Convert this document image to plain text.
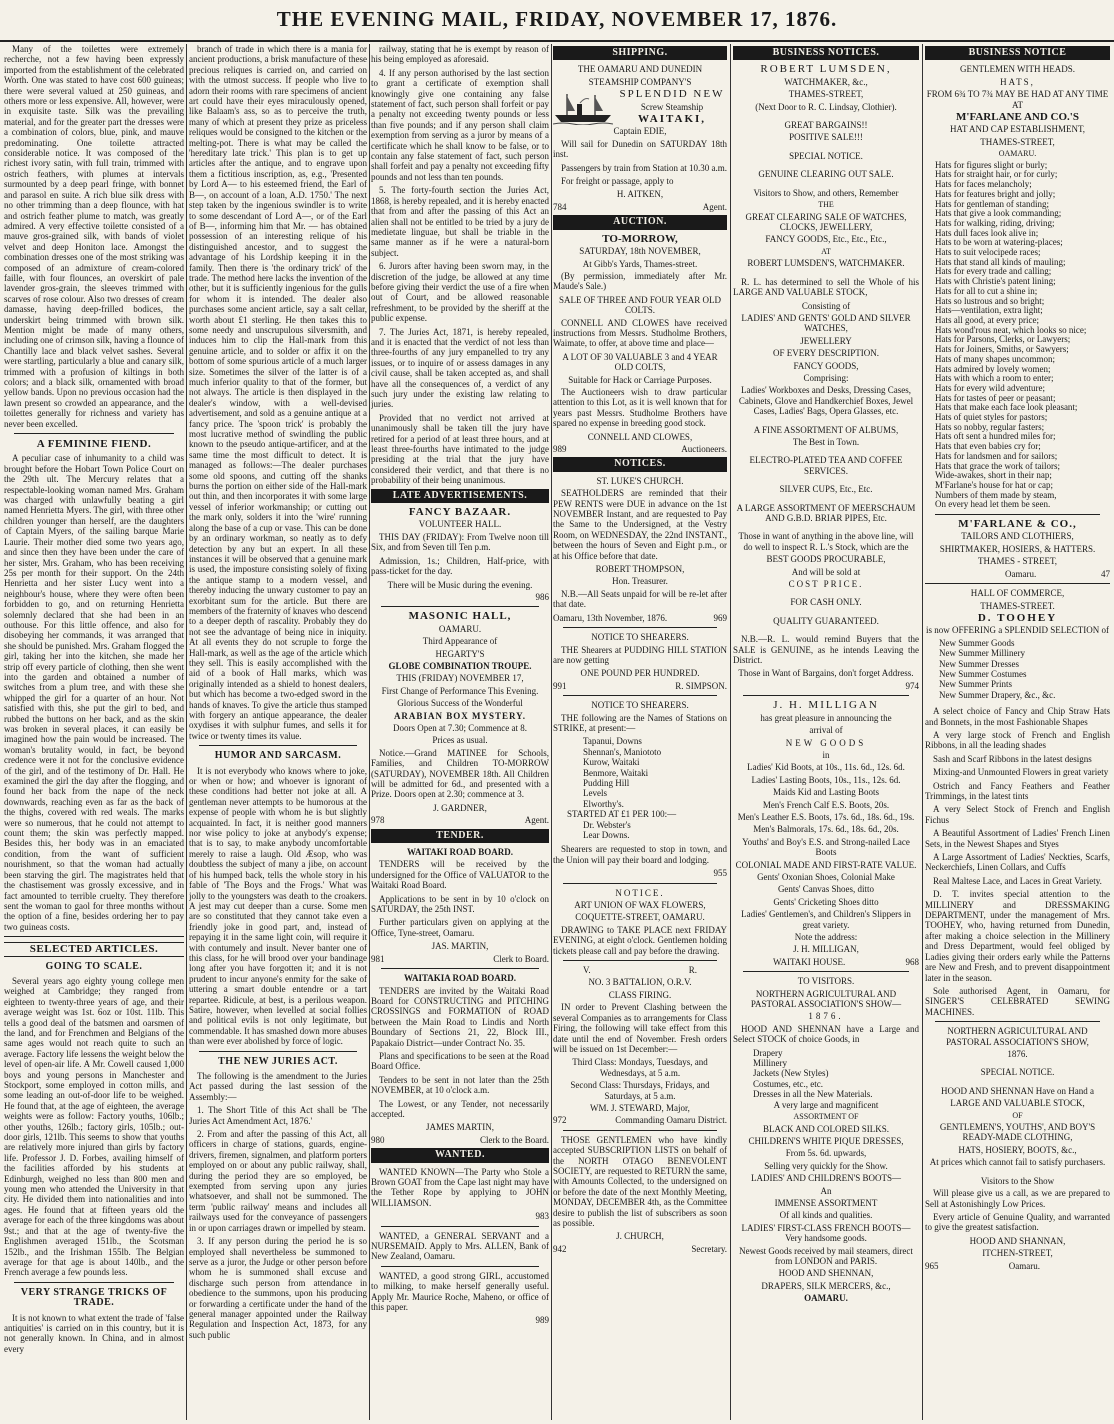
THE EVENING MAIL, FRIDAY, NOVEMBER 17, 1876.

Many of the toilettes were extremely recherche, not a few having been expressly imported from the establishment of the celebrated Worth. One was stated to have cost 600 guineas; there were several valued at 250 guineas, and others more or less expensive. All, however, were in exquisite taste. Silk was the prevailing material, and for the greater part the dresses were a combination of colors, blue, pink, and mauve predominating. One toilette attracted considerable notice. It was composed of the richest ivory satin, with full train, trimmed with ostrich feathers, with plumes at intervals surmounted by a deep pearl fringe, with bonnet and parasol en suite. A rich blue silk dress with no other trimming than a deep flounce, with hat and ostrich feather plume to match, was greatly admired. A very effective toilette consisted of a mauve gros-grained silk, with bands of violet velvet and deep Honiton lace. Amongst the combination dresses one of the most striking was composed of an admixture of cream-colored faille, with four flounces, an overskirt of pale lavender gros-grain, the sleeves trimmed with scarves of rose colour. Also two dresses of cream damasse, having deep-frilled bodices, the underskirt being trimmed with brown silk. Mention might be made of many others, including one of crimson silk, having a flounce of Chantilly lace and black velvet sashes. Several were startling, particularly a blue and canary silk, trimmed with a profusion of kiltings in both colors; and a black silk, ornamented with broad yellow bands. Upon no previous occasion had the lawn present so crowded an appearance, and the toilettes generally for richness and variety has never been excelled.

A FEMININE FIEND.

A peculiar case of inhumanity to a child was brought before the Hobart Town Police Court on the 29th ult. The Mercury relates that a respectable-looking woman named Mrs. Graham was charged with unlawfully beating a girl named Henrietta Myers. The girl, with three other children younger than herself, are the daughters of Captain Myers, of the sailing barque Marie Laurie. Their mother died some two years ago, and since then they have been under the care of her sister, Mrs. Graham, who has been receiving 25s per month for their support. On the 24th Henrietta and her sister Lucy went into a neighbour's house, where they were often been forbidden to go, and on returning Henrietta solemnly declared that she had been in an outhouse. For this little offence, and also for disobeying her commands, it was arranged that she should be punished. Mrs. Graham flogged the girl, taking her into the kitchen, she made her strip off every particle of clothing, then she went into the garden and obtained a number of switches from a plum tree, and with these she whipped the girl for a quarter of an hour. Not satisfied with this, she put the girl to bed, and rubbed the buttons on her back, and as the skin was broken in several places, it can easily be imagined how the pain would be increased. The woman's brutality would, in fact, be beyond credence were it not for the conclusive evidence of the girl, and of the testimony of Dr. Hall. He examined the girl the day after the flogging, and found her back from the nape of the neck downwards, reaching even as far as the back of the thighs, covered with red weals. The marks were so numerous, that he could not attempt to count them; the skin was perfectly mapped. Besides this, her body was in an emaciated condition, from the want of sufficient nourishment, so that the woman had actually been starving the girl. The magistrates held that the chastisement was grossly excessive, and in fact amounted to terrible cruelty. They therefore sent the woman to gaol for three months without the option of a fine, besides ordering her to pay two guineas costs.

SELECTED ARTICLES.
GOING TO SCALE.

Several years ago eighty young college men weighed at Cambridge; they ranged from eighteen to twenty-three years of age, and their average weight was 1st. 6oz or 10st. 11lb. This tells a good deal of the batsmen and oarsmen of the land, and for Frenchmen and Belgians of the same ages would not reach quite to such an average. Factory life lessens the weight below the level of open-air life. A Mr. Cowell caused 1,000 boys and young persons in Manchester and Stockport, some employed in cotton mills, and some leading an out-of-door life to be weighed. He found that, at the age of eighteen, the average weights were as follow: Factory youths, 106lb.; other youths, 126lb.; factory girls, 105lb.; out-door girls, 121lb. This seems to show that youths are relatively more injured than girls by factory life. Professor J. D. Forbes, availing himself of the facilities afforded by his students at Edinburgh, weighed no less than 800 men and young men who attended the University in that city. He divided them into nationalities and into ages. He found that at fifteen years old the average for each of the three kingdoms was about 9st.; and that at the age of twenty-five the Englishmen averaged 151lb., the Scotsman 152lb., and the Irishman 155lb. The Belgian average for that age is about 140lb., and the French average a few pounds less.

VERY STRANGE TRICKS OF TRADE.

It is not known to what extent the trade of 'false antiquities' is carried on in this country, but it is not generally known. In China, and in almost every

branch of trade in which there is a mania for ancient productions, a brisk manufacture of these precious reliques is carried on, and carried on with the utmost success. If people who live to adorn their rooms with rare specimens of ancient art could have their eyes miraculously opened, like Balaam's ass, so as to perceive the truth, many of which at present they prize as priceless reliques would be consigned to the kitchen or the melting-pot. There is what may be called the 'hereditary late trick.' This plan is to get up articles after the antique, and to engrave upon them a fictitious inscription, as, e.g., 'Presented by Lord A— to his esteemed friend, the Earl of B—, on account of a loan, A.D. 1750.' The next step taken by the ingenious swindler is to write to some descendant of Lord A—, or of the Earl of B—, informing him that Mr. — has obtained possession of an interesting relique of his distinguished ancestor, and to suggest the advantage of his Lordship keeping it in the family. Then there is 'the ordinary trick' of the trade. The method here lacks the invention of the other, but it is sufficiently ingenious for the gulls for whom it is intended. The dealer also purchases some ancient article, say a salt cellar, worth about £1 sterling. He then takes this to some needy and unscrupulous silversmith, and induces him to clip the Hall-mark from this genuine article, and to solder or affix it on the bottom of some spurious article of a much larger size. Sometimes the silver of the latter is of a much inferior quality to that of the former, but not always. The article is then displayed in the dealer's window, with a well-devised advertisement, and sold as a genuine antique at a fancy price. The 'spoon trick' is probably the most lucrative method of swindling the public known to the pseudo antique-artificer, and at the same time the most difficult to detect. It is managed as follows:—The dealer purchases some old spoons, and cutting off the shanks burns the portion on either side of the Hall-mark out thin, and then incorporates it with some large vessel of inferior workmanship; or cutting out the mark only, solders it into the 'wire' running along the base of a cup or vase. This can be done by an ordinary workman, so neatly as to defy detection by any but an expert. In all these instances it will be observed that a genuine mark is used, the imposture consisting solely of fixing the antique stamp to a modern vessel, and thereby inducing the unwary customer to pay an exorbitant sum for the article. But there are members of the fraternity of knaves who descend to a deeper depth of rascality. Probably they do not see the advantage of being nice in iniquity. At all events they do not scruple to forge the Hall-mark, as well as the age of the article which they sell. This is easily accomplished with the aid of a book of Hall marks, which was originally intended as a shield to honest dealers, but which has become a two-edged sword in the hands of knaves. To give the article thus stamped with forgery an antique appearance, the dealer oxydises it with sulphur fumes, and sells it for twice or twenty times its value.

HUMOR AND SARCASM.

It is not everybody who knows where to joke, or when or how; and whoever is ignorant of these conditions had better not joke at all. A gentleman never attempts to be humorous at the expense of people with whom he is but slightly acquainted. In fact, it is neither good manners nor wise policy to joke at anybody's expense; that is to say, to make anybody uncomfortable merely to raise a laugh. Old Æsop, who was doubtless the subject of many a jibe, on account of his humped back, tells the whole story in his fable of 'The Boys and the Frogs.' What was jolly to the youngsters was death to the croakers. A jest may cut deeper than a curse. Some men are so constituted that they cannot take even a friendly joke in good part, and, instead of repaying it in the same light coin, will require it with contumely and insult. Never banter one of this class, for he will brood over your bandinage long after you have forgotten it; and it is not prudent to incur anyone's enmity for the sake of uttering a smart double entendre or a tart repartee. Ridicule, at best, is a perilous weapon. Satire, however, when levelled at social follies and political evils is not only legitimate, but commendable. It has smashed down more abuses than were ever abolished by force of logic.

THE NEW JURIES ACT.

The following is the amendment to the Juries Act passed during the last session of the Assembly:—

1. The Short Title of this Act shall be 'The Juries Act Amendment Act, 1876.'

2. From and after the passing of this Act, all officers in charge of stations, guards, engine-drivers, firemen, signalmen, and platform porters employed on or about any public railway, shall, during the period they are so employed, be exempted from serving upon any juries whatsoever, and shall not be summoned. The term 'public railway' means and includes all railways used for the conveyance of passengers in or upon carriages drawn or impelled by steam.

3. If any person during the period he is so employed shall nevertheless be summoned to serve as a juror, the Judge or other person before whom he is summoned shall excuse and discharge such person from attendance in obedience to the summons, upon his producing or forwarding a certificate under the hand of the general manager appointed under the Railway Regulation and Inspection Act, 1873, for any such public

railway, stating that he is exempt by reason of his being employed as aforesaid.

4. If any person authorised by the last section to grant a certificate of exemption shall knowingly give one containing any false statement of fact, such person shall forfeit or pay a penalty not exceeding twenty pounds or less than five pounds; and if any person shall claim exemption from serving as a juror by means of a certificate which he shall know to be false, or to contain any false statement of fact, such person shall forfeit and pay a penalty not exceeding fifty pounds and not less than ten pounds.

5. The forty-fourth section the Juries Act, 1868, is hereby repealed, and it is hereby enacted that from and after the passing of this Act an alien shall not be entitled to be tried by a jury de medietate linguae, but shall be triable in the same manner as if he were a natural-born subject.

6. Jurors after having been sworn may, in the discretion of the judge, be allowed at any time before giving their verdict the use of a fire when out of Court, and be allowed reasonable refreshment, to be provided by the sheriff at the public expense.

7. The Juries Act, 1871, is hereby repealed, and it is enacted that the verdict of not less than three-fourths of any jury empanelled to try any issues, or to inquire of or assess damages in any civil cause, shall be taken accepted as, and shall have all the consequences of, a verdict of any such jury under the existing law relating to juries.

Provided that no verdict not arrived at unanimously shall be taken till the jury have retired for a period of at least three hours, and at least three-fourths have intimated to the judge presiding at the trial that the jury have considered their verdict, and that there is no probability of their being unanimous.

LATE ADVERTISEMENTS.
FANCY BAZAAR.
VOLUNTEER HALL.

THIS DAY (FRIDAY): From Twelve noon till Six, and from Seven till Ten p.m.

Admission, 1s.; Children, Half-price, with pass-ticket for the day.

There will be Music during the evening.
986
MASONIC HALL,
OAMARU.
Third Appearance of
HEGARTY'S
GLOBE COMBINATION TROUPE.
THIS (FRIDAY) NOVEMBER 17,
First Change of Performance This Evening.
Glorious Success of the Wonderful
ARABIAN BOX MYSTERY.
Doors Open at 7.30; Commence at 8.
Prices as usual.

Notice.—Grand MATINEE for Schools, Families, and Children TO-MORROW (SATURDAY), NOVEMBER 18th. All Children will be admitted for 6d., and presented with a Prize. Doors open at 2.30; commence at 3.

J. GARDNER,
978	Agent.
TENDER.
WAITAKI ROAD BOARD.

TENDERS will be received by the undersigned for the Office of VALUATOR to the Waitaki Road Board.

Applications to be sent in by 10 o'clock on SATURDAY, the 25th INST.

Further particulars given on applying at the Office, Tyne-street, Oamaru.

JAS. MARTIN,
981	Clerk to Board.
WAITAKIA ROAD BOARD.

TENDERS are invited by the Waitaki Road Board for CONSTRUCTING and PITCHING CROSSINGS and FORMATION of ROAD between the Main Road to Lindis and North Boundary of Sections 21, 22, Block III., Papakaio District—under Contract No. 35.

Plans and specifications to be seen at the Road Board Office.

Tenders to be sent in not later than the 25th NOVEMBER, at 10 o'clock a.m.

The Lowest, or any Tender, not necessarily accepted.

JAMES MARTIN,
980	Clerk to the Board.
WANTED.

WANTED KNOWN—The Party who Stole a Brown GOAT from the Cape last night may have the Tether Rope by applying to JOHN WILLIAMSON.

983

WANTED, a GENERAL SERVANT and a NURSEMAID. Apply to Mrs. ALLEN, Bank of New Zealand, Oamaru.

WANTED, a good strong GIRL, accustomed to milking, to make herself generally useful. Apply Mr. Maurice Roche, Maheno, or office of this paper.

989
SHIPPING.
THE OAMARU AND DUNEDIN
STEAMSHIP COMPANY'S
SPLENDID NEW
Screw Steamship
WAITAKI,
Captain EDIE,

Will sail for Dunedin on SATURDAY 18th inst.

Passengers by train from Station at 10.30 a.m.

For freight or passage, apply to

H. AITKEN,
784	Agent.
AUCTION.
TO-MORROW,
SATURDAY, 18th NOVEMBER,
At Gibb's Yards, Thames-street.

(By permission, immediately after Mr. Maude's Sale.)

SALE OF THREE AND FOUR YEAR OLD COLTS.

CONNELL AND CLOWES have received instructions from Messrs. Studholme Brothers, Waimate, to offer, at above time and place—

A LOT OF 30 VALUABLE 3 and 4 YEAR OLD COLTS,
Suitable for Hack or Carriage Purposes.

The Auctioneers wish to draw particular attention to this Lot, as it is well known that for years past Messrs. Studholme Brothers have spared no expense in breeding good stock.

CONNELL AND CLOWES,
989	Auctioneers.
NOTICES.
ST. LUKE'S CHURCH.

SEATHOLDERS are reminded that their PEW RENTS were DUE in advance on the 1st NOVEMBER Instant, and are requested to Pay the Same to the Undersigned, at the Vestry Room, on WEDNESDAY, the 22nd INSTANT., between the hours of Seven and Eight p.m., or at his Office before that date.

ROBERT THOMPSON,
Hon. Treasurer.

N.B.—All Seats unpaid for will be re-let after that date.

Oamaru, 13th November, 1876.	969
NOTICE TO SHEARERS.

THE Shearers at PUDDING HILL STATION are now getting

ONE POUND PER HUNDRED.
991	R. SIMPSON.
NOTICE TO SHEARERS.

THE following are the Names of Stations on STRIKE, at present:—

Tapanui, Downs
Shennan's, Maniototo
Kurow, Waitaki
Benmore, Waitaki
Pudding Hill
Levels
Elworthy's.
STARTED AT £1 PER 100:—
Dr. Webster's
Lear Downs.

Shearers are requested to stop in town, and the Union will pay their board and lodging.

955
NOTICE.
ART UNION OF WAX FLOWERS,
COQUETTE-STREET, OAMARU.

DRAWING to TAKE PLACE next FRIDAY EVENING, at eight o'clock. Gentlemen holding tickets please call and pay before the drawing.

V.	R.
NO. 3 BATTALION, O.R.V.
CLASS FIRING.

IN order to Prevent Clashing between the several Companies as to arrangements for Class Firing, the following will take effect from this date until the end of November. Fresh orders will be issued on 1st December:—

Third Class: Mondays, Tuesdays, and Wednesdays, at 5 a.m.
Second Class: Thursdays, Fridays, and Saturdays, at 5 a.m.
WM. J. STEWARD, Major,
972	Commanding Oamaru District.

THOSE GENTLEMEN who have kindly accepted SUBSCRIPTION LISTS on behalf of the NORTH OTAGO BENEVOLENT SOCIETY, are requested to RETURN the same, with Amounts Collected, to the undersigned on or before the date of the next Monthly Meeting, MONDAY, DECEMBER 4th, as the Committee desire to publish the list of subscribers as soon as possible.

J. CHURCH,
942	Secretary.
BUSINESS NOTICES.
ROBERT LUMSDEN,
WATCHMAKER, &c.,
THAMES-STREET,
(Next Door to R. C. Lindsay, Clothier).
GREAT BARGAINS!!
POSITIVE SALE!!!
SPECIAL NOTICE.
GENUINE CLEARING OUT SALE.
Visitors to Show, and others, Remember
THE
GREAT CLEARING SALE OF WATCHES, CLOCKS, JEWELLERY,
FANCY GOODS, Etc., Etc., Etc.,
AT
ROBERT LUMSDEN'S, WATCHMAKER.

R. L. has determined to sell the Whole of his LARGE AND VALUABLE STOCK,

Consisting of
LADIES' AND GENTS' GOLD AND SILVER WATCHES,
JEWELLERY
OF EVERY DESCRIPTION.
FANCY GOODS,
Comprising:
Ladies' Workboxes and Desks, Dressing Cases, Cabinets, Glove and Handkerchief Boxes, Jewel Cases, Ladies' Bags, Opera Glasses, etc.
A FINE ASSORTMENT OF ALBUMS,
The Best in Town.
ELECTRO-PLATED TEA AND COFFEE SERVICES.
SILVER CUPS, Etc., Etc.
A LARGE ASSORTMENT OF MEERSCHAUM AND G.B.D. BRIAR PIPES, Etc.
Those in want of anything in the above line, will do well to inspect R. L.'s Stock, which are the
BEST GOODS PROCURABLE,
And will be sold at
COST PRICE.
FOR CASH ONLY.
QUALITY GUARANTEED.

N.B.—R. L. would remind Buyers that the SALE is GENUINE, as he intends Leaving the District.

Those in Want of Bargains, don't forget Address.
974
J. H. MILLIGAN
has great pleasure in announcing the
arrival of
NEW GOODS
in
Ladies' Kid Boots, at 10s., 11s. 6d., 12s. 6d.
Ladies' Lasting Boots, 10s., 11s., 12s. 6d.
Maids Kid and Lasting Boots
Men's French Calf E.S. Boots, 20s.
Men's Leather E.S. Boots, 17s. 6d., 18s. 6d., 19s.
Men's Balmorals, 17s. 6d., 18s. 6d., 20s.
Youths' and Boy's E.S. and Strong-nailed Lace Boots
COLONIAL MADE AND FIRST-RATE VALUE.
Gents' Oxonian Shoes, Colonial Make
Gents' Canvas Shoes, ditto
Gents' Cricketing Shoes ditto
Ladies' Gentlemen's, and Children's Slippers in great variety.
Note the address:
J. H. MILLIGAN,
WAITAKI HOUSE.	968
TO VISITORS.
NORTHERN AGRICULTURAL AND PASTORAL ASSOCIATION'S SHOW—
1876.

HOOD AND SHENNAN have a Large and Select STOCK of choice Goods, in

Drapery
Millinery
Jackets (New Styles)
Costumes, etc., etc.
Dresses in all the New Materials.
A very large and magnificent
ASSORTMENT OF
BLACK AND COLORED SILKS.
CHILDREN'S WHITE PIQUE DRESSES,
From 5s. 6d. upwards,
Selling very quickly for the Show.
LADIES' AND CHILDREN'S BOOTS—
An
IMMENSE ASSORTMENT
Of all kinds and qualities.
LADIES' FIRST-CLASS FRENCH BOOTS—Very handsome goods.
Newest Goods received by mail steamers, direct from LONDON and PARIS.
HOOD AND SHENNAN,
DRAPERS, SILK MERCERS, &c.,
OAMARU.
BUSINESS NOTICE
GENTLEMEN WITH HEADS.
HATS,
FROM 6¾ TO 7¾ MAY BE HAD AT ANY TIME AT
M'FARLANE AND CO.'S
HAT AND CAP ESTABLISHMENT,
THAMES-STREET,
OAMARU.
Hats for figures slight or burly;
Hats for straight hair, or for curly;
Hats for faces melancholy;
Hats for features bright and jolly;
Hats for gentleman of standing;
Hats that give a look commanding;
Hats for walking, riding, driving;
Hats dull faces look alive in;
Hats to be worn at watering-places;
Hats to suit velocipede races;
Hats that stand all kinds of mauling;
Hats for every trade and calling;
Hats with Christie's patent lining;
Hats for all to cut a shine in;
Hats so lustrous and so bright;
Hats—ventilation, extra light;
Hats all good, at every price;
Hats wond'rous neat, which looks so nice;
Hats for Parsons, Clerks, or Lawyers;
Hats for Joiners, Smiths, or Sawyers;
Hats of many shapes uncommon;
Hats admired by lovely women;
Hats with which a room to enter;
Hats for every wild adventure;
Hats for tastes of peer or peasant;
Hats that make each face look pleasant;
Hats of quiet styles for pastors;
Hats so nobby, regular fasters;
Hats oft sent a hundred miles for;
Hats that even babies cry for;
Hats for landsmen and for sailors;
Hats that grace the work of tailors;
Wide-awakes, short in their nap;
M'Farlane's house for hat or cap;
Numbers of them made by steam,
On every head let them be seen.
M'FARLANE & CO.,
TAILORS AND CLOTHIERS,
SHIRTMAKER, HOSIERS, & HATTERS.
THAMES - STREET,
Oamaru.	47
HALL OF COMMERCE,
THAMES-STREET.
D. TOOHEY
is now OFFERING a SPLENDID SELECTION of
New Summer Goods
New Summer Millinery
New Summer Dresses
New Summer Costumes
New Summer Prints
New Summer Drapery, &c., &c.

A select choice of Fancy and Chip Straw Hats and Bonnets, in the most Fashionable Shapes

A very large stock of French and English Ribbons, in all the leading shades

Sash and Scarf Ribbons in the latest designs

Mixing-and Unmounted Flowers in great variety

Ostrich and Fancy Feathers and Feather Trimmings, in the latest tints

A very Select Stock of French and English Fichus

A Beautiful Assortment of Ladies' French Linen Sets, in the Newest Shapes and Styes

A Large Assortment of Ladies' Neckties, Scarfs, Neckerchiefs, Linen Collars, and Cuffs

Real Maltese Lace, and Laces in Great Variety.

D. T. invites special attention to the MILLINERY and DRESSMAKING DEPARTMENT, under the management of Mrs. TOOHEY, who, having returned from Dunedin, after making a choice selection in the Millinery and Dress Department, would feel obliged by Ladies giving their orders early while the Patterns are New and Fresh, and to prevent disappointment later in the season.

Sole authorised Agent, in Oamaru, for SINGER'S CELEBRATED SEWING MACHINES.

NORTHERN AGRICULTURAL AND PASTORAL ASSOCIATION'S SHOW,
1876.
SPECIAL NOTICE.
HOOD AND SHENNAN Have on Hand a
LARGE AND VALUABLE STOCK,
OF
GENTLEMEN'S, YOUTHS', AND BOY'S READY-MADE CLOTHING,
HATS, HOSIERY, BOOTS, &c.,
At prices which cannot fail to satisfy purchasers.
Visitors to the Show

Will please give us a call, as we are prepared to Sell at Astonishingly Low Prices.

Every article of Genuine Quality, and warranted to give the greatest satisfaction.

HOOD AND SHANNAN,
ITCHEN-STREET,
965	Oamaru.
